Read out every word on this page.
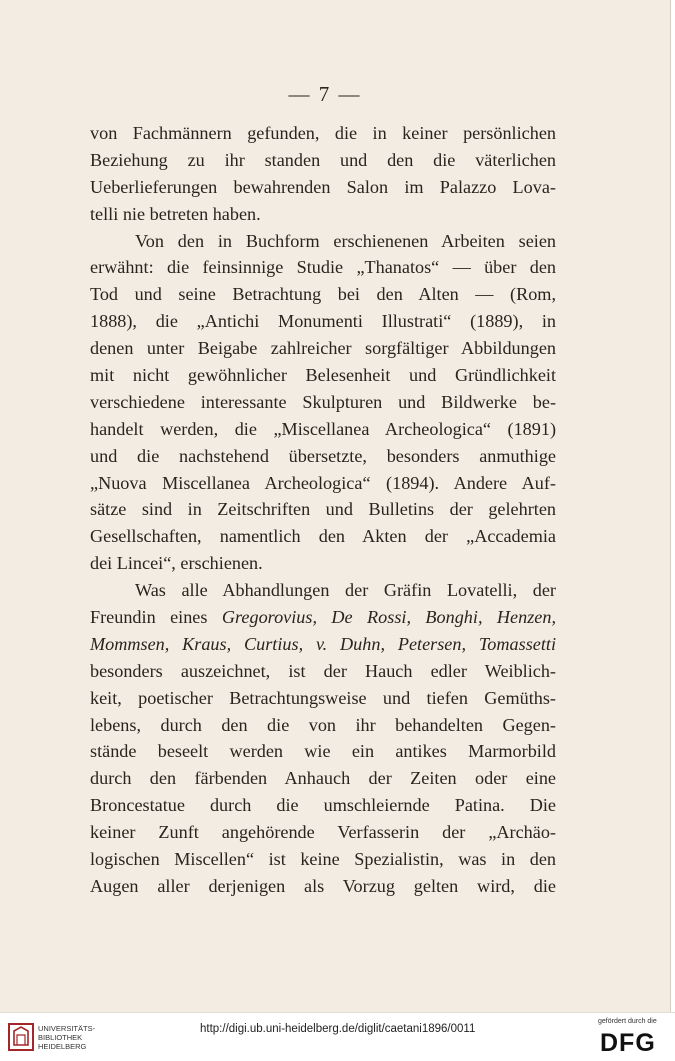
— 7 —
von Fachmännern gefunden, die in keiner persönlichen
Beziehung zu ihr standen und den die väterlichen
Ueberlieferungen bewahrenden Salon im Palazzo Lova-
telli nie betreten haben.
Von den in Buchform erschienenen Arbeiten seien
erwähnt: die feinsinnige Studie „Thanatos“ — über den
Tod und seine Betrachtung bei den Alten — (Rom,
1888), die „Antichi Monumenti Illustrati“ (1889), in
denen unter Beigabe zahlreicher sorgfältiger Abbildungen
mit nicht gewöhnlicher Belesenheit und Gründlichkeit
verschiedene interessante Skulpturen und Bildwerke be-
handelt werden, die „Miscellanea Archeologica“ (1891)
und die nachstehend übersetzte, besonders anmuthige
„Nuova Miscellanea Archeologica“ (1894). Andere Auf-
sätze sind in Zeitschriften und Bulletins der gelehrten
Gesellschaften, namentlich den Akten der „Accademia
dei Lincei“, erschienen.
Was alle Abhandlungen der Gräfin Lovatelli, der
Freundin eines Gregorovius, De Rossi, Bonghi, Henzen,
Mommsen, Kraus, Curtius, v. Duhn, Petersen, Tomassetti
besonders auszeichnet, ist der Hauch edler Weiblich-
keit, poetischer Betrachtungsweise und tiefen Gemüths-
lebens, durch den die von ihr behandelten Gegen-
stände beseelt werden wie ein antikes Marmorbild
durch den färbenden Anhauch der Zeiten oder eine
Broncestatue durch die umschleiernde Patina. Die
keiner Zunft angehörende Verfasserin der „Archäo-
logischen Miscellen“ ist keine Spezialistin, was in den
Augen aller derjenigen als Vorzug gelten wird, die
UNIVERSITÄTS-
BIBLIOTHEK
HEIDELBERG
http://digi.ub.uni-heidelberg.de/diglit/caetani1896/0011
gefördert durch die
DFG
